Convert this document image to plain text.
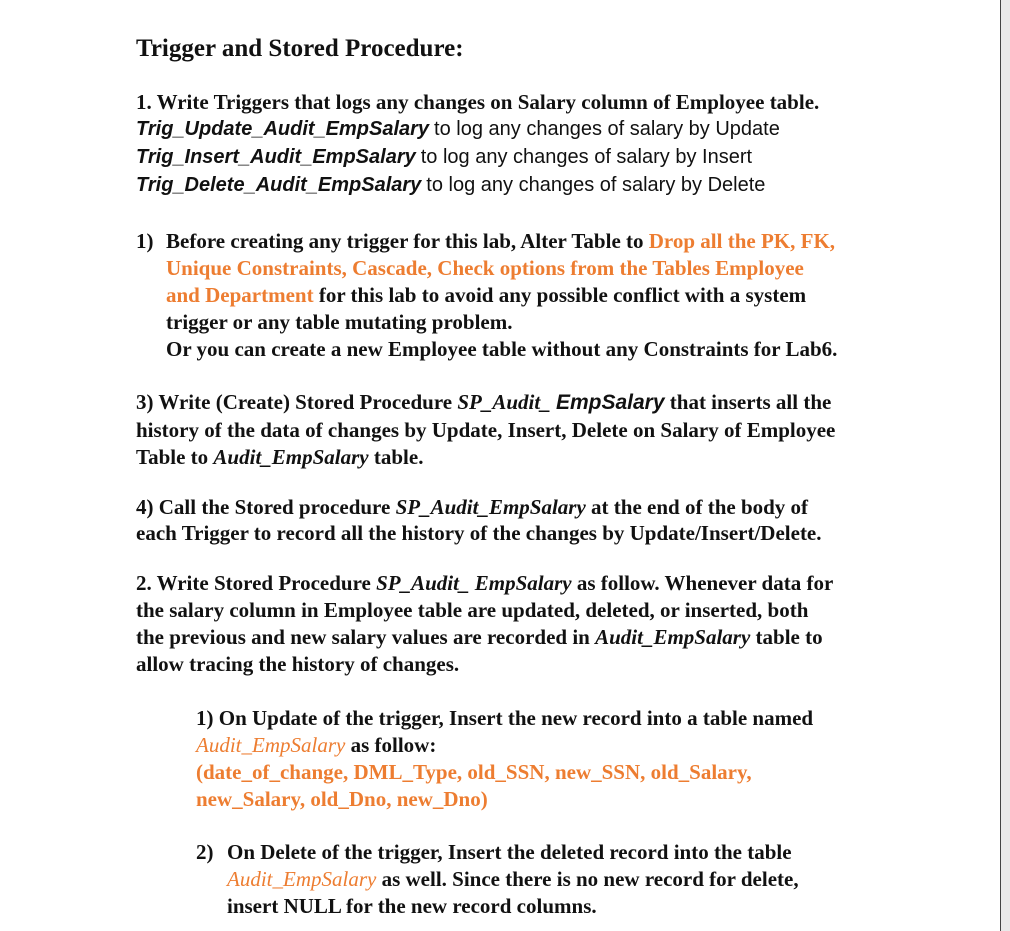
Trigger and Stored Procedure:
1. Write Triggers that logs any changes on Salary column of Employee table.
Trig_Update_Audit_EmpSalary to log any changes of salary by Update
Trig_Insert_Audit_EmpSalary to log any changes of salary by Insert
Trig_Delete_Audit_EmpSalary to log any changes of salary by Delete
1) Before creating any trigger for this lab, Alter Table to Drop all the PK, FK,
Unique Constraints, Cascade, Check options from the Tables Employee
and Department for this lab to avoid any possible conflict with a system
trigger or any table mutating problem.
Or you can create a new Employee table without any Constraints for Lab6.
3) Write (Create) Stored Procedure SP_Audit_ EmpSalary that inserts all the
history of the data of changes by Update, Insert, Delete on Salary of Employee
Table to Audit_EmpSalary table.
4) Call the Stored procedure SP_Audit_EmpSalary at the end of the body of
each Trigger to record all the history of the changes by Update/Insert/Delete.
2. Write Stored Procedure SP_Audit_ EmpSalary as follow. Whenever data for
the salary column in Employee table are updated, deleted, or inserted, both
the previous and new salary values are recorded in Audit_EmpSalary table to
allow tracing the history of changes.
1) On Update of the trigger, Insert the new record into a table named
Audit_EmpSalary as follow:
(date_of_change, DML_Type, old_SSN, new_SSN, old_Salary,
new_Salary, old_Dno, new_Dno)
2) On Delete of the trigger, Insert the deleted record into the table
Audit_EmpSalary as well. Since there is no new record for delete,
insert NULL for the new record columns.
